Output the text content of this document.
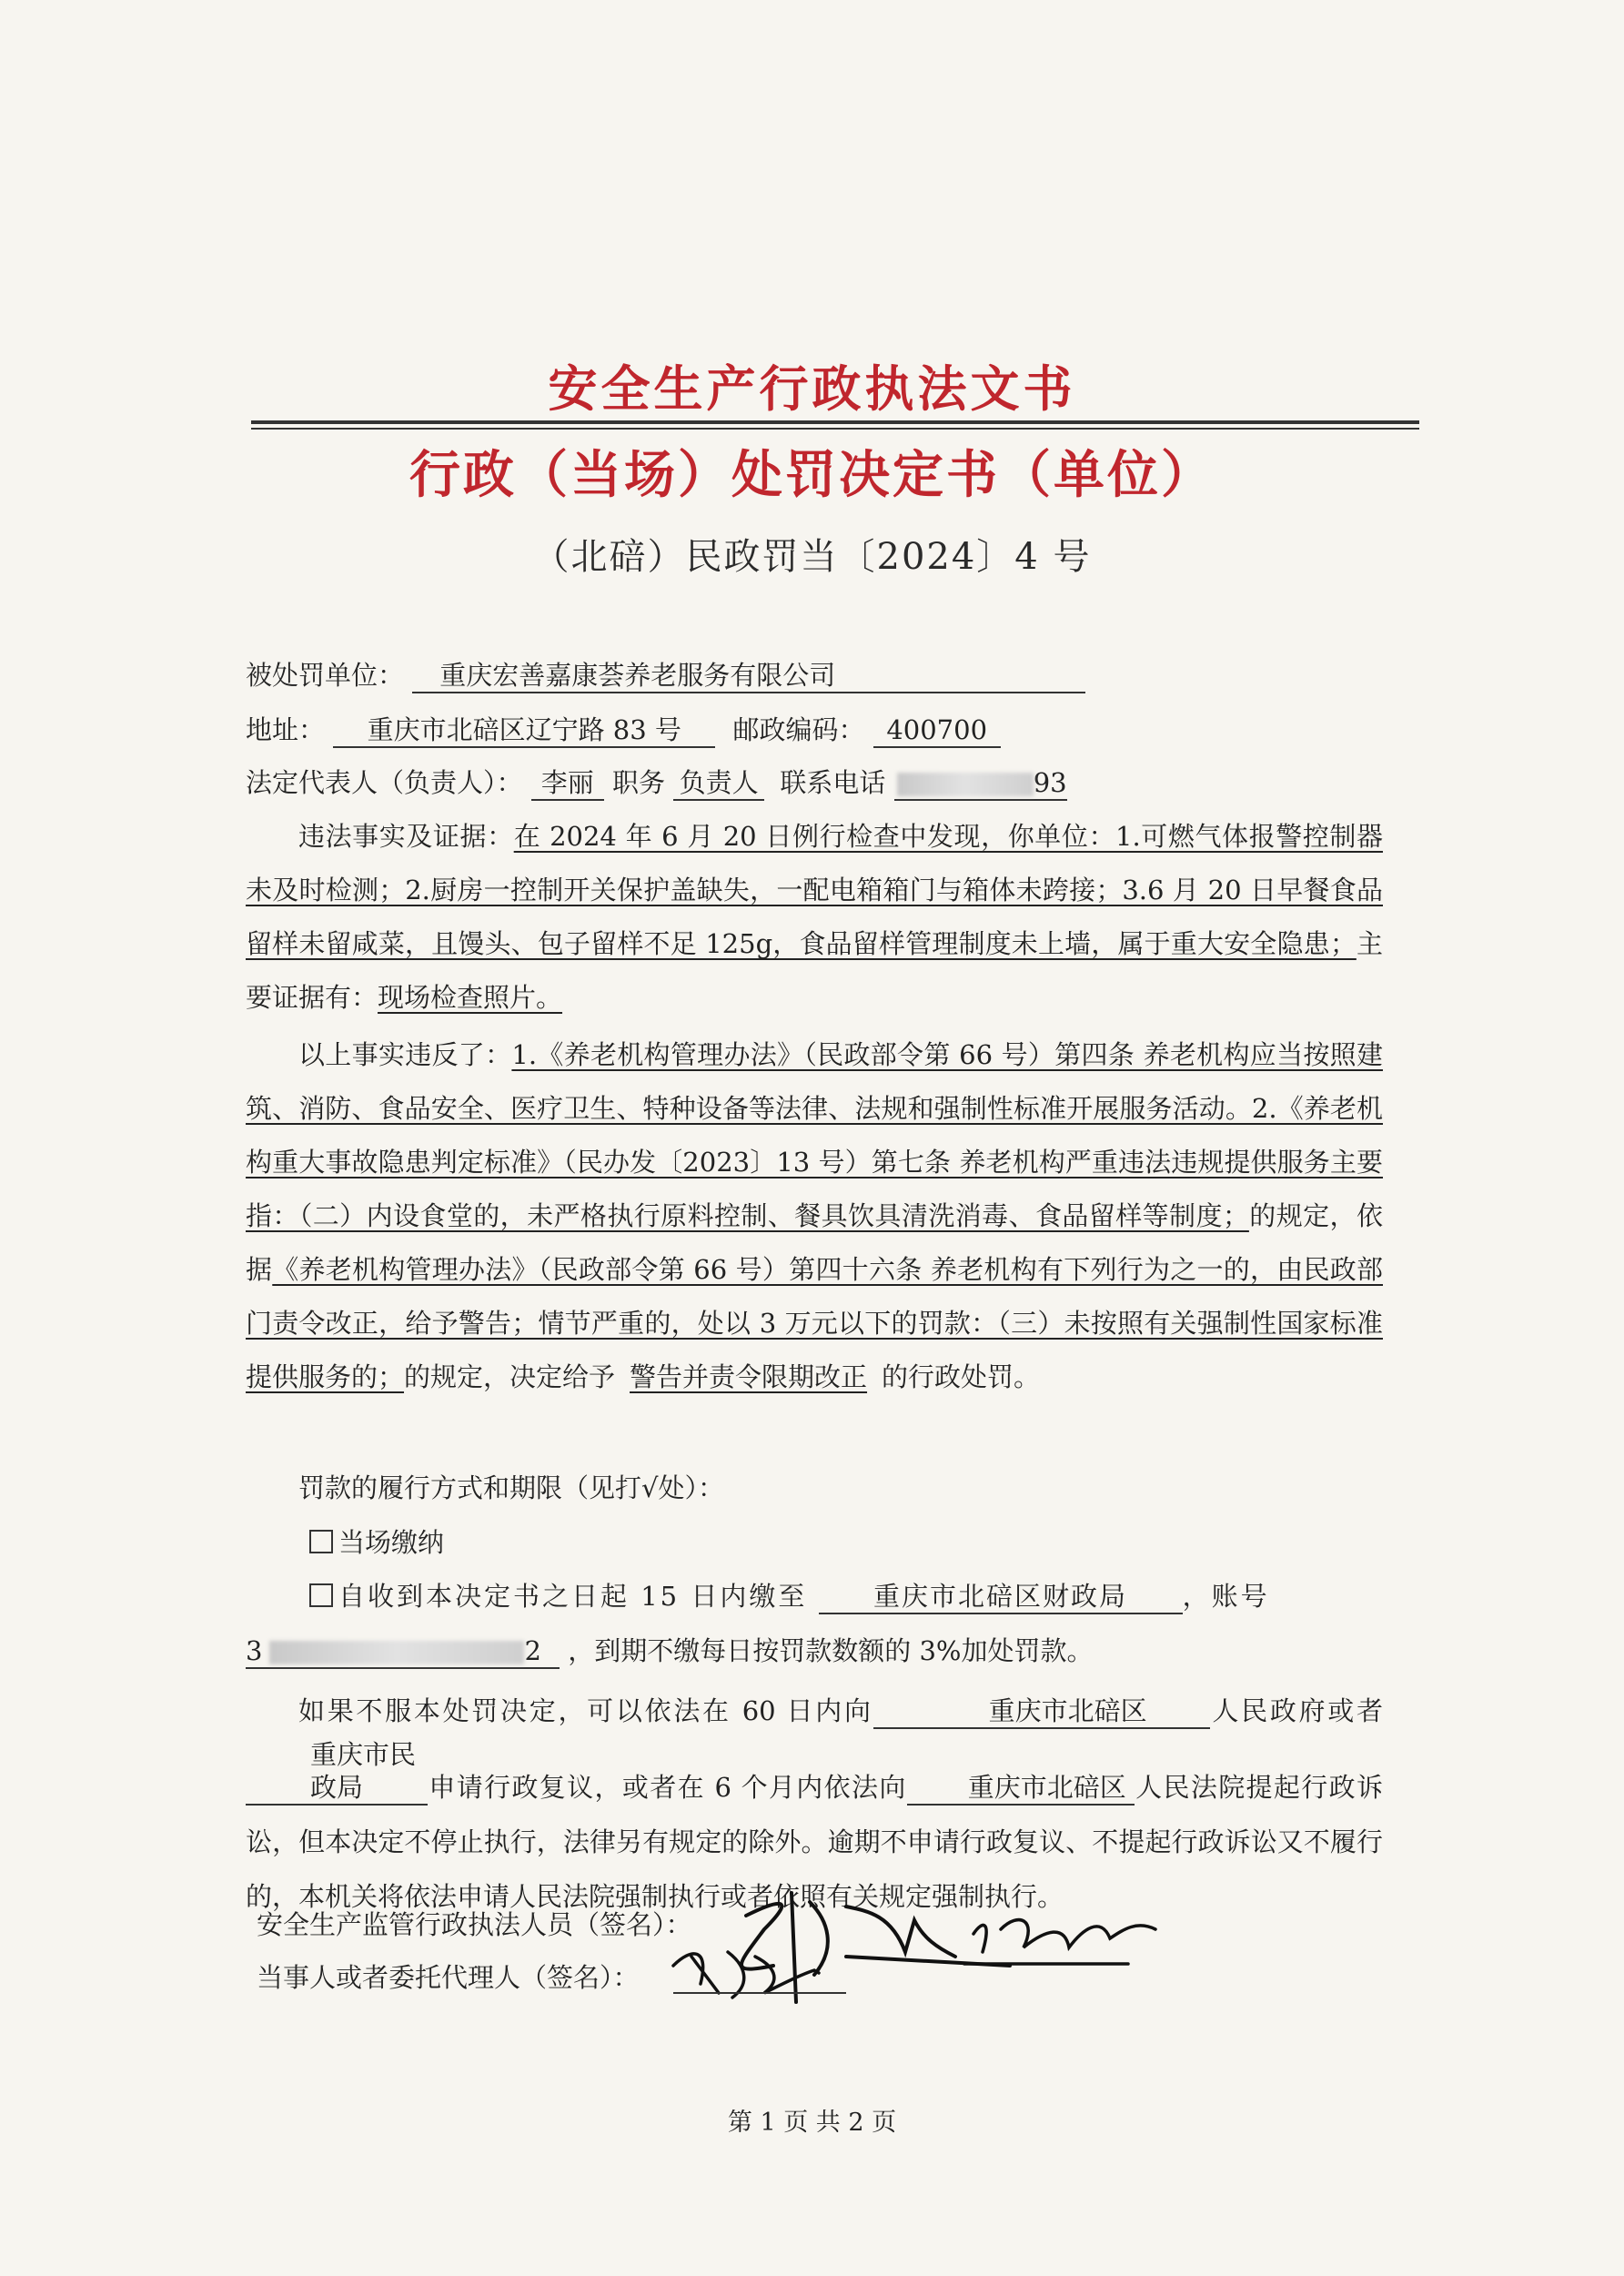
安全生产行政执法文书
行政（当场）处罚决定书（单位）
（北碚）民政罚当〔2024〕4 号
被处罚单位： 重庆宏善嘉康荟养老服务有限公司
地址： 重庆市北碚区辽宁路 83 号 邮政编码： 400700
法定代表人（负责人）： 李丽 职务 负责人 联系电话	93
违法事实及证据：在 2024 年 6 月 20 日例行检查中发现，你单位：1.可燃气体报警控制器未及时检测；2.厨房一控制开关保护盖缺失，一配电箱箱门与箱体未跨接；3.6 月 20 日早餐食品留样未留咸菜，且馒头、包子留样不足 125g，食品留样管理制度未上墙，属于重大安全隐患；主要证据有：现场检查照片。
以上事实违反了：1.《养老机构管理办法》（民政部令第 66 号）第四条 养老机构应当按照建筑、消防、食品安全、医疗卫生、特种设备等法律、法规和强制性标准开展服务活动。2.《养老机构重大事故隐患判定标准》（民办发〔2023〕13 号）第七条 养老机构严重违法违规提供服务主要指：（二）内设食堂的，未严格执行原料控制、餐具饮具清洗消毒、食品留样等制度；的规定，依据《养老机构管理办法》（民政部令第 66 号）第四十六条 养老机构有下列行为之一的，由民政部门责令改正，给予警告；情节严重的，处以 3 万元以下的罚款：（三）未按照有关强制性国家标准提供服务的；的规定，决定给予 警告并责令限期改正 的行政处罚。
罚款的履行方式和期限（见打√处）：
当场缴纳
自收到本决定书之日起 15 日内缴至	重庆市北碚区财政局 ，账号
3	2 ，到期不缴每日按罚款数额的 3%加处罚款。
如果不服本处罚决定，可以依法在 60 日内向	重庆市北碚区 人民政府或者重庆市民政局 申请行政复议，或者在 6 个月内依法向 重庆市北碚区 人民法院提起行政诉讼，但本决定不停止执行，法律另有规定的除外。逾期不申请行政复议、不提起行政诉讼又不履行的，本机关将依法申请人民法院强制执行或者依照有关规定强制执行。
安全生产监管行政执法人员（签名）：
当事人或者委托代理人（签名）：
第 1 页 共 2 页
